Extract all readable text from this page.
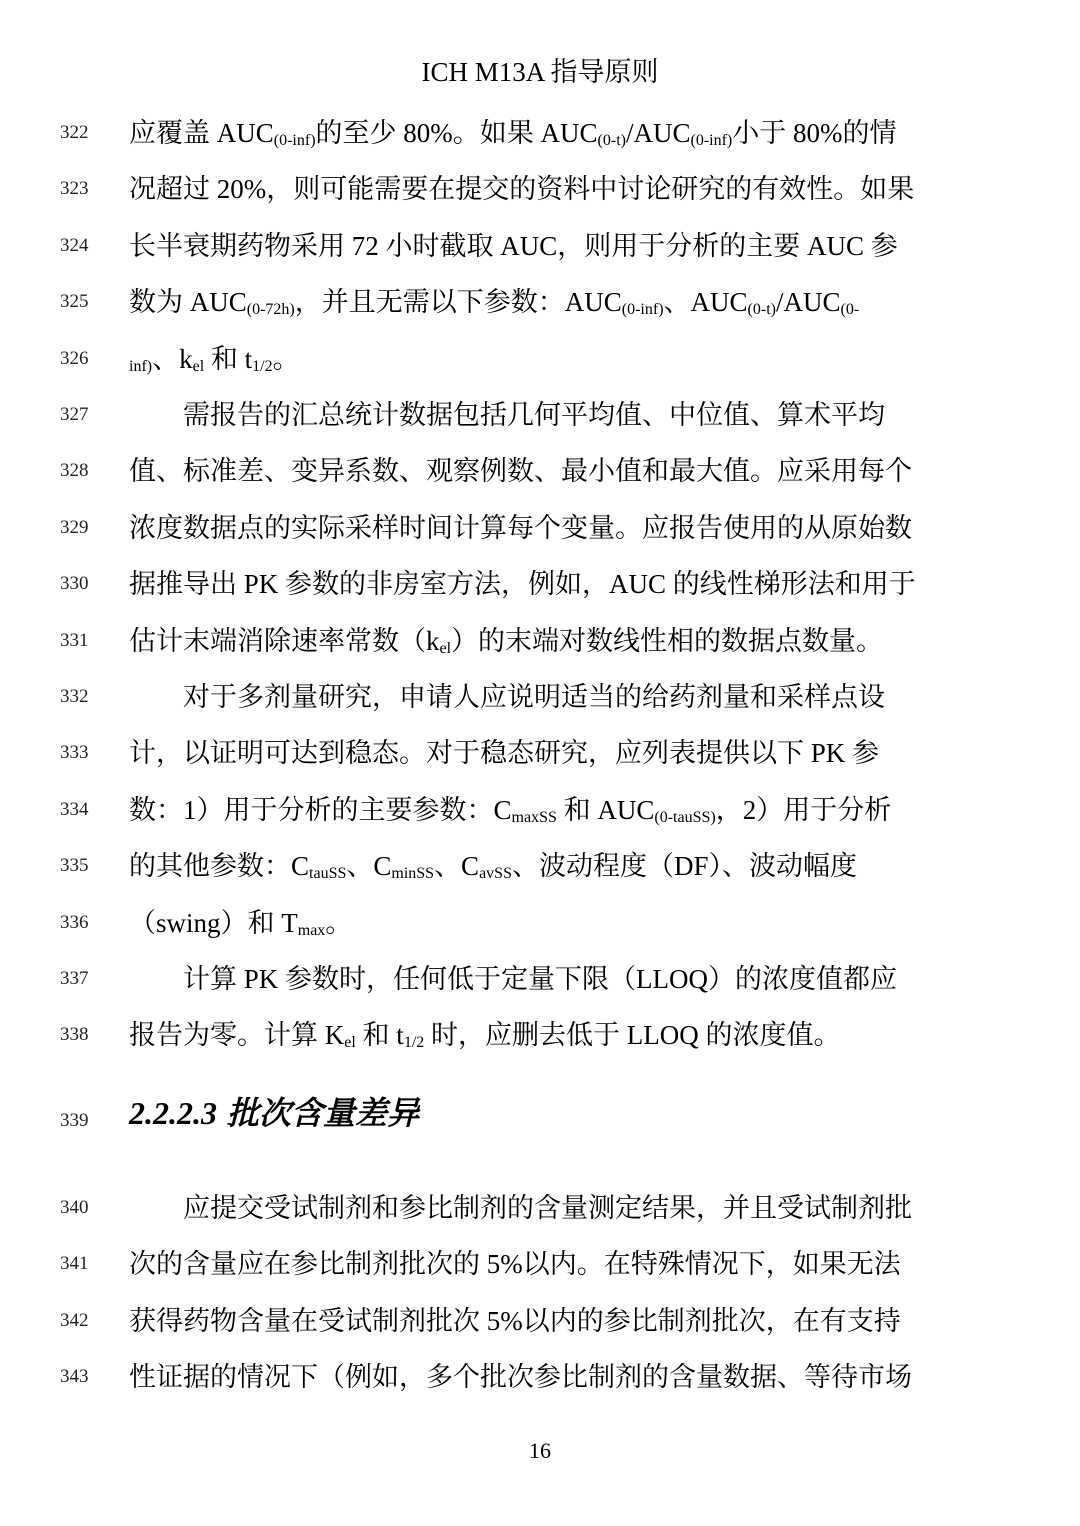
ICH M13A 指导原则
322	应覆盖 $AUC_{(0-inf)}$的至少 80%。如果 $AUC_{(0-t)}/AUC_{(0-inf)}$小于 80%的情
323	况超过 20%，则可能需要在提交的资料中讨论研究的有效性。如果
324	长半衰期药物采用 72 小时截取 AUC，则用于分析的主要 AUC 参
325	数为 $AUC_{(0-72h)}$，并且无需以下参数：$AUC_{(0-inf)}$、$AUC_{(0-t)}/AUC_{(0-}$
326	$_{inf)}$、$k_{el}$ 和 $t_{1/2}$。
327	　　需报告的汇总统计数据包括几何平均值、中位值、算术平均
328	值、标准差、变异系数、观察例数、最小值和最大值。应采用每个
329	浓度数据点的实际采样时间计算每个变量。应报告使用的从原始数
330	据推导出 PK 参数的非房室方法，例如，AUC 的线性梯形法和用于
331	估计末端消除速率常数$(k_{el})$的末端对数线性相的数据点数量。
332	　　对于多剂量研究，申请人应说明适当的给药剂量和采样点设
333	计，以证明可达到稳态。对于稳态研究，应列表提供以下 PK 参
334	数：1）用于分析的主要参数：$C_{maxSS}$ 和 $AUC_{(0-tauSS)}$，2）用于分析
335	的其他参数：$C_{tauSS}$、$C_{minSS}$、$C_{avSS}$、波动程度（DF）、波动幅度
336	（swing）和 $T_{max}$。
337	　　计算 PK 参数时，任何低于定量下限（LLOQ）的浓度值都应
338	报告为零。计算 $K_{el}$ 和 $t_{1/2}$ 时，应删去低于 LLOQ 的浓度值。
339	2.2.2.3 批次含量差异
340	　　应提交受试制剂和参比制剂的含量测定结果，并且受试制剂批
341	次的含量应在参比制剂批次的 5%以内。在特殊情况下，如果无法
342	获得药物含量在受试制剂批次 5%以内的参比制剂批次，在有支持
343	性证据的情况下（例如，多个批次参比制剂的含量数据、等待市场
16
